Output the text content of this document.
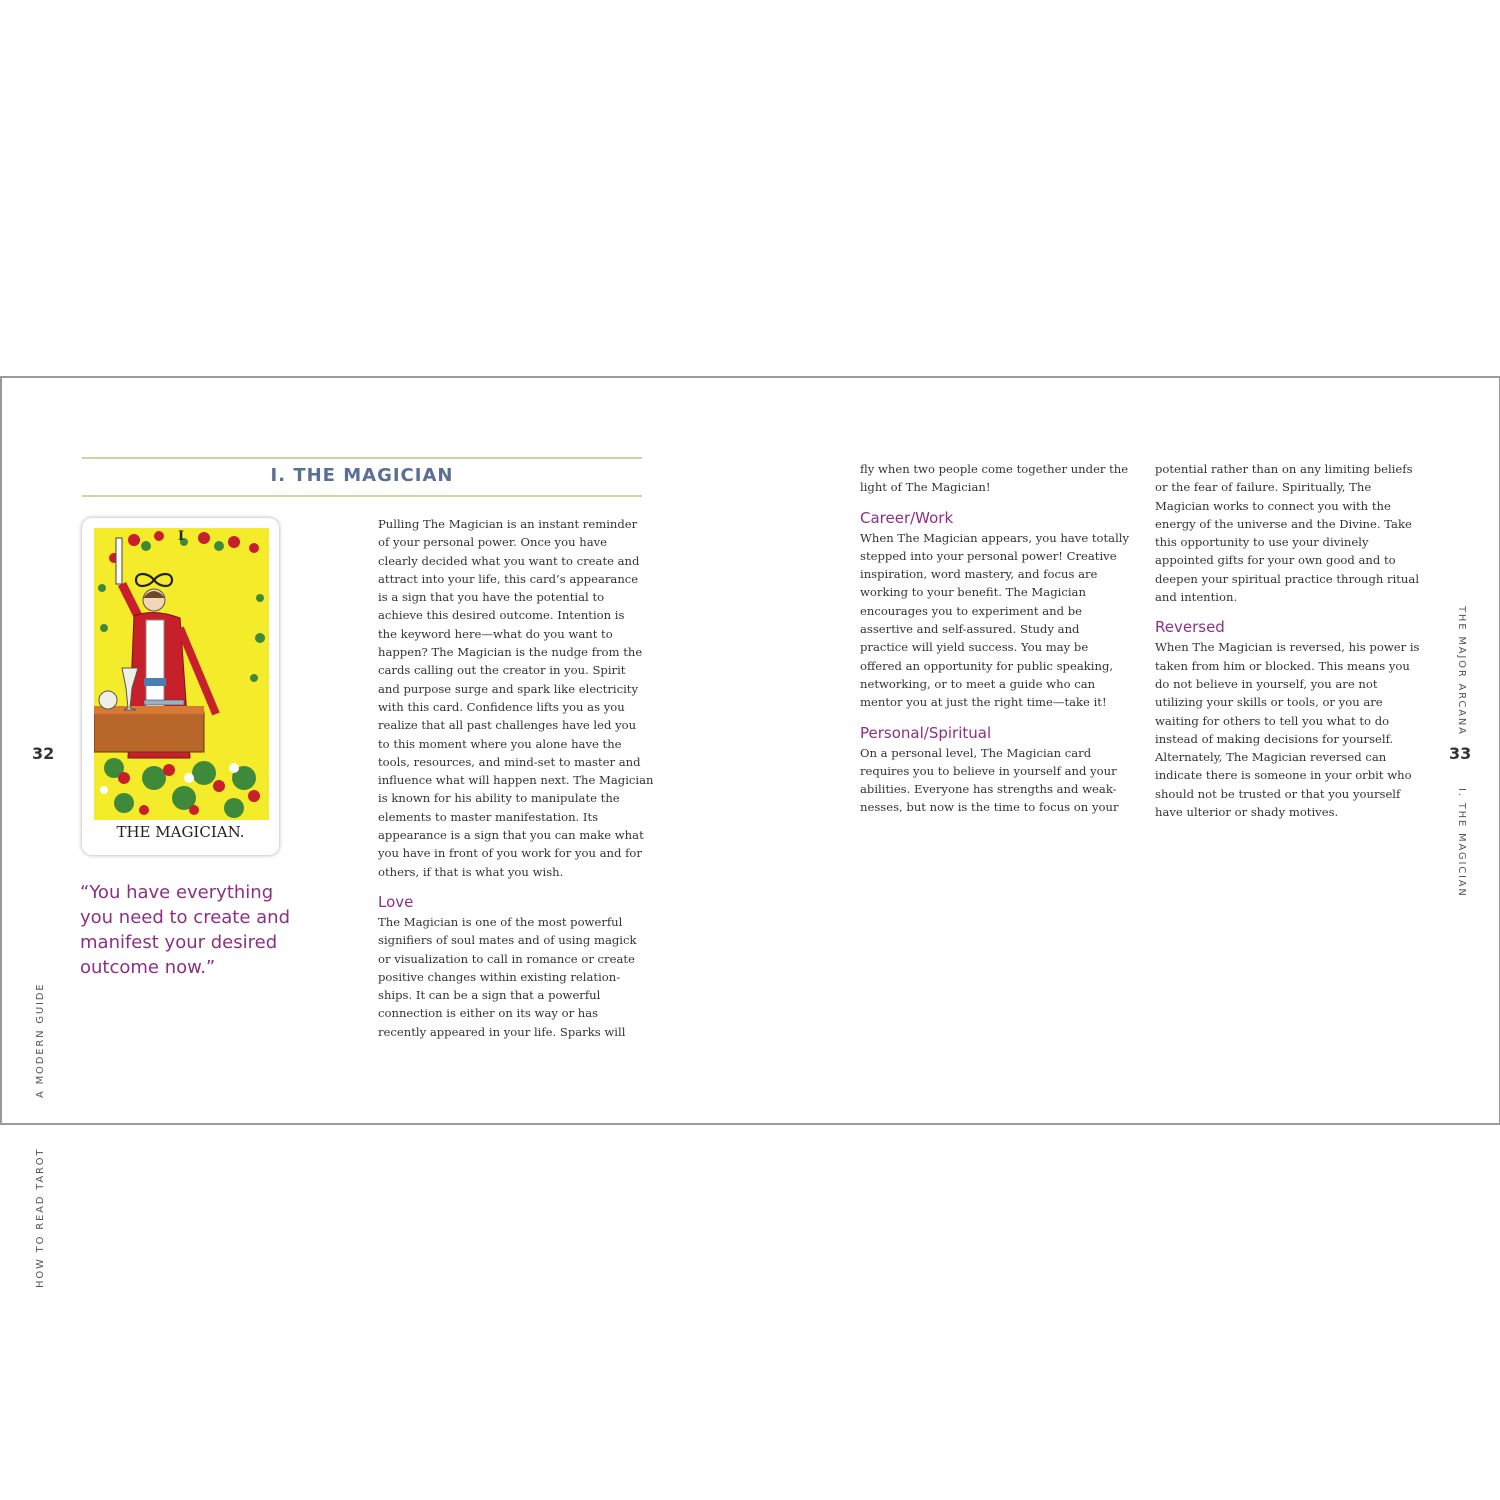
A MODERN GUIDE
32
HOW TO READ TAROT
I. THE MAGICIAN
I
THE MAGICIAN.
“You have everything
you need to create and
manifest your desired
outcome now.”

Pulling The Magician is an instant reminder
of your personal power. Once you have
clearly decided what you want to create and
attract into your life, this card’s appearance
is a sign that you have the potential to
achieve this desired outcome. Intention is
the keyword here—what do you want to
happen? The Magician is the nudge from the
cards calling out the creator in you. Spirit
and purpose surge and spark like electricity
with this card. Confidence lifts you as you
realize that all past challenges have led you
to this moment where you alone have the
tools, resources, and mind-set to master and
influence what will happen next. The Magician
is known for his ability to manipulate the
elements to master manifestation. Its
appearance is a sign that you can make what
you have in front of you work for you and for
others, if that is what you wish.

Love

The Magician is one of the most powerful
signifiers of soul mates and of using magick
or visualization to call in romance or create
positive changes within existing relation-
ships. It can be a sign that a powerful
connection is either on its way or has
recently appeared in your life. Sparks will

fly when two people come together under the
light of The Magician!

Career/Work

When The Magician appears, you have totally
stepped into your personal power! Creative
inspiration, word mastery, and focus are
working to your benefit. The Magician
encourages you to experiment and be
assertive and self-assured. Study and
practice will yield success. You may be
offered an opportunity for public speaking,
networking, or to meet a guide who can
mentor you at just the right time—take it!

Personal/Spiritual

On a personal level, The Magician card
requires you to believe in yourself and your
abilities. Everyone has strengths and weak-
nesses, but now is the time to focus on your

potential rather than on any limiting beliefs
or the fear of failure. Spiritually, The
Magician works to connect you with the
energy of the universe and the Divine. Take
this opportunity to use your divinely
appointed gifts for your own good and to
deepen your spiritual practice through ritual
and intention.

Reversed

When The Magician is reversed, his power is
taken from him or blocked. This means you
do not believe in yourself, you are not
utilizing your skills or tools, or you are
waiting for others to tell you what to do
instead of making decisions for yourself.
Alternately, The Magician reversed can
indicate there is someone in your orbit who
should not be trusted or that you yourself
have ulterior or shady motives.

THE MAJOR ARCANA
33
I. THE MAGICIAN
